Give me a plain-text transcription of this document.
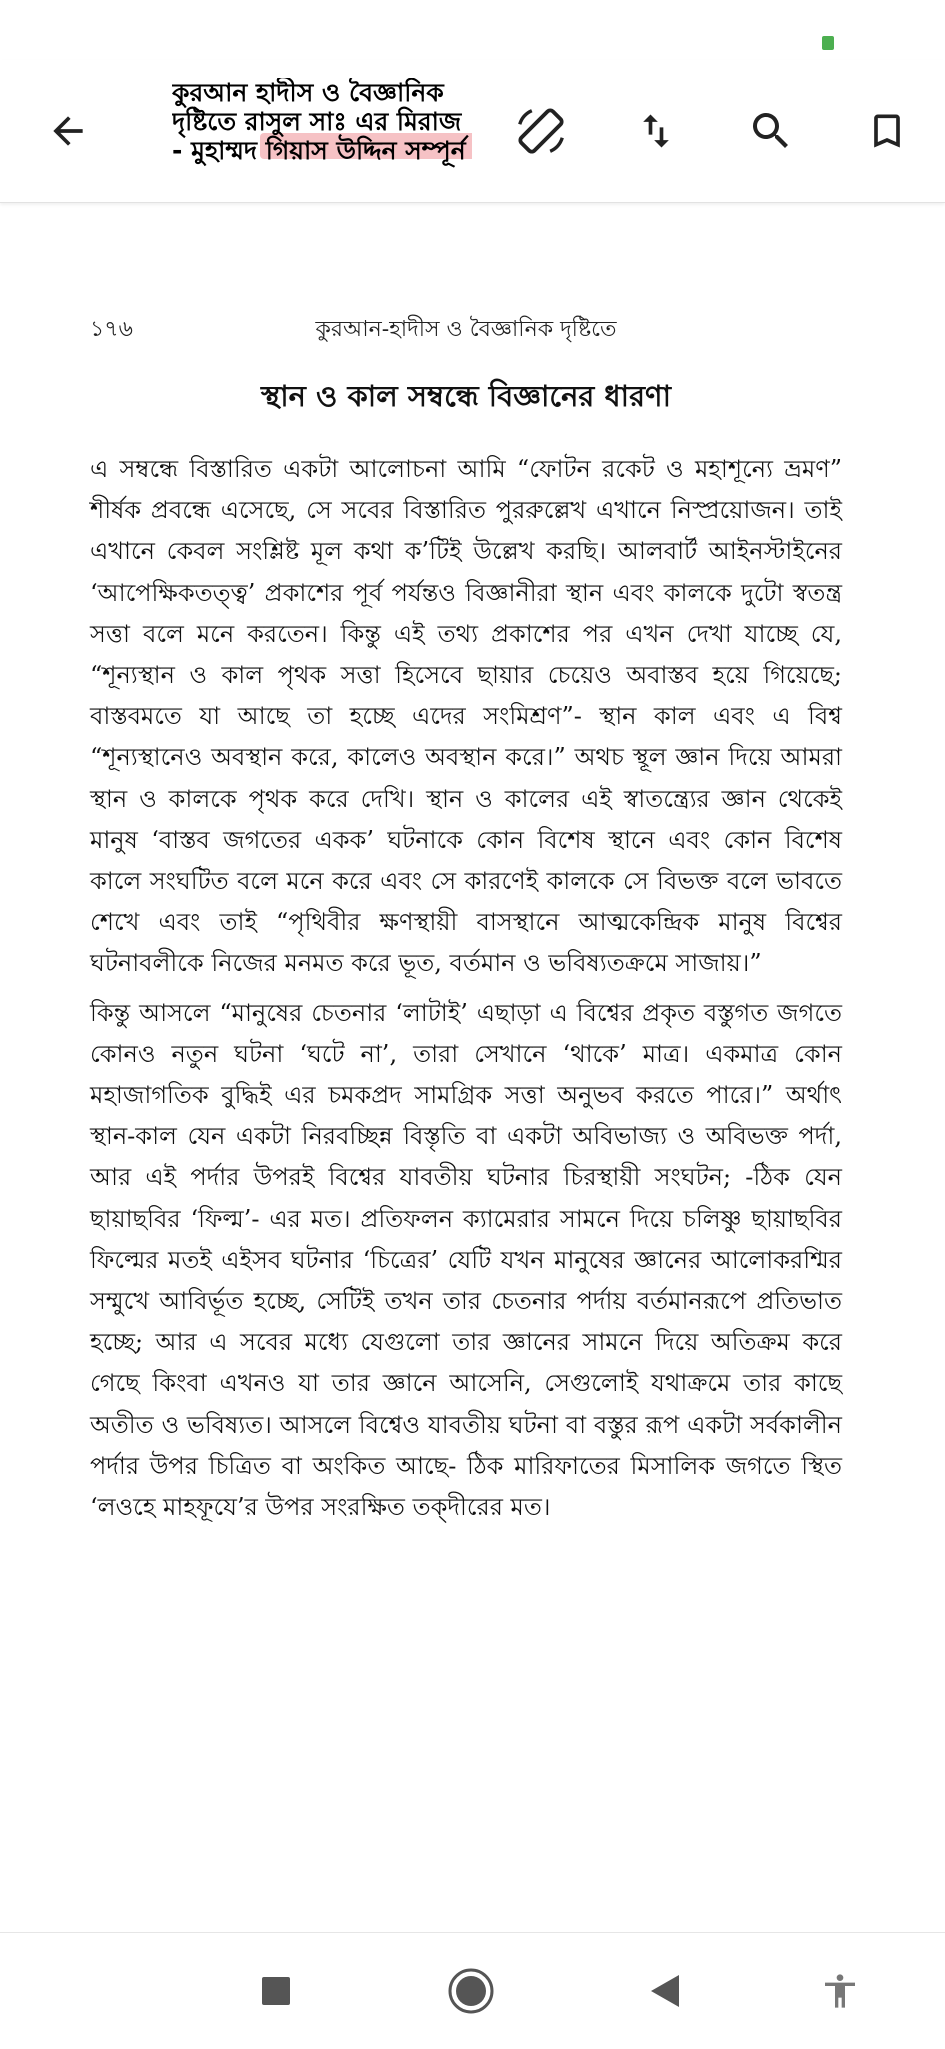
কুরআন হাদীস ও বৈজ্ঞানিক দৃষ্টিতে রাসুল সাঃ এর মিরাজ - মুহাম্মদ গিয়াস উদ্দিন সম্পূর্ন
১৭৬	কুরআন-হাদীস ও বৈজ্ঞানিক দৃষ্টিতে
স্থান ও কাল সম্বন্ধে বিজ্ঞানের ধারণা

এ সম্বন্ধে বিস্তারিত একটা আলোচনা আমি “ফোটন রকেট ও মহাশূন্যে ভ্রমণ” শীর্ষক প্রবন্ধে এসেছে, সে সবের বিস্তারিত পুররুল্লেখ এখানে নিস্প্রয়োজন। তাই এখানে কেবল সংশ্লিষ্ট মূল কথা ক’টিই উল্লেখ করছি। আলবার্ট আইনস্টাইনের ‘আপেক্ষিকতত্ত্ব’ প্রকাশের পূর্ব পর্যন্তও বিজ্ঞানীরা স্থান এবং কালকে দুটো স্বতন্ত্র সত্তা বলে মনে করতেন। কিন্তু এই তথ্য প্রকাশের পর এখন দেখা যাচ্ছে যে, “শূন্যস্থান ও কাল পৃথক সত্তা হিসেবে ছায়ার চেয়েও অবাস্তব হয়ে গিয়েছে; বাস্তবমতে যা আছে তা হচ্ছে এদের সংমিশ্রণ”- স্থান কাল এবং এ বিশ্ব “শূন্যস্থানেও অবস্থান করে, কালেও অবস্থান করে।” অথচ স্থূল জ্ঞান দিয়ে আমরা স্থান ও কালকে পৃথক করে দেখি। স্থান ও কালের এই স্বাতন্ত্র্যের জ্ঞান থেকেই মানুষ ‘বাস্তব জগতের একক’ ঘটনাকে কোন বিশেষ স্থানে এবং কোন বিশেষ কালে সংঘটিত বলে মনে করে এবং সে কারণেই কালকে সে বিভক্ত বলে ভাবতে শেখে এবং তাই “পৃথিবীর ক্ষণস্থায়ী বাসস্থানে আত্মকেন্দ্রিক মানুষ বিশ্বের ঘটনাবলীকে নিজের মনমত করে ভূত, বর্তমান ও ভবিষ্যতক্রমে সাজায়।”

কিন্তু আসলে “মানুষের চেতনার ‘লাটাই’ এছাড়া এ বিশ্বের প্রকৃত বস্তুগত জগতে কোনও নতুন ঘটনা ‘ঘটে না’, তারা সেখানে ‘থাকে’ মাত্র। একমাত্র কোন মহাজাগতিক বুদ্ধিই এর চমকপ্রদ সামগ্রিক সত্তা অনুভব করতে পারে।” অর্থাৎ স্থান-কাল যেন একটা নিরবচ্ছিন্ন বিস্তৃতি বা একটা অবিভাজ্য ও অবিভক্ত পর্দা, আর এই পর্দার উপরই বিশ্বের যাবতীয় ঘটনার চিরস্থায়ী সংঘটন; -ঠিক যেন ছায়াছবির ‘ফিল্ম’- এর মত। প্রতিফলন ক্যামেরার সামনে দিয়ে চলিষ্ণু ছায়াছবির ফিল্মের মতই এইসব ঘটনার ‘চিত্রের’ যেটি যখন মানুষের জ্ঞানের আলোকরশ্মির সম্মুখে আবির্ভূত হচ্ছে, সেটিই তখন তার চেতনার পর্দায় বর্তমানরূপে প্রতিভাত হচ্ছে; আর এ সবের মধ্যে যেগুলো তার জ্ঞানের সামনে দিয়ে অতিক্রম করে গেছে কিংবা এখনও যা তার জ্ঞানে আসেনি, সেগুলোই যথাক্রমে তার কাছে অতীত ও ভবিষ্যত। আসলে বিশ্বেও যাবতীয় ঘটনা বা বস্তুর রূপ একটা সর্বকালীন পর্দার উপর চিত্রিত বা অংকিত আছে- ঠিক মারিফাতের মিসালিক জগতে স্থিত ‘লওহে মাহফূযে’র উপর সংরক্ষিত তক্দীরের মত।
